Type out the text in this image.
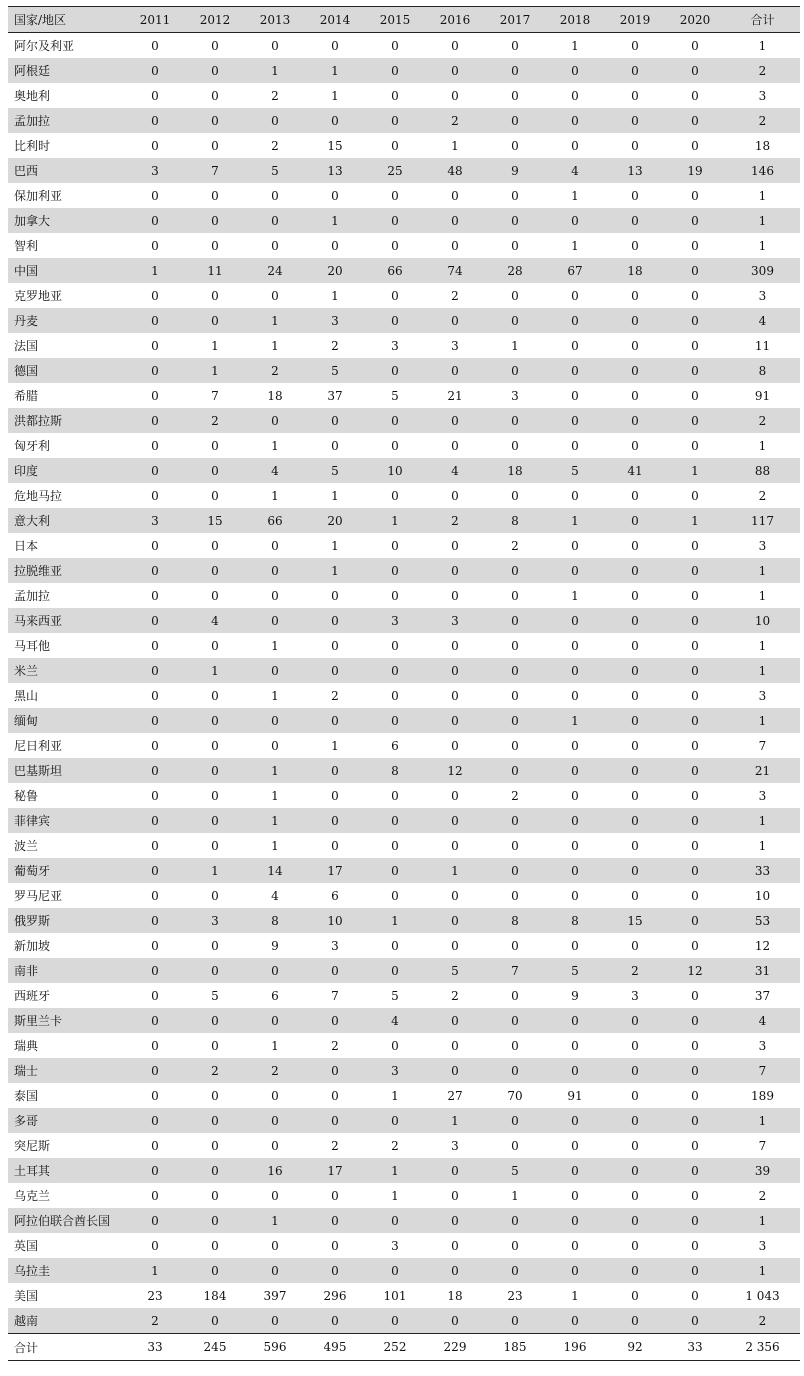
国家/地区	2011	2012	2013	2014	2015	2016	2017	2018	2019	2020	合计
阿尔及利亚	0	0	0	0	0	0	0	1	0	0	1
阿根廷	0	0	1	1	0	0	0	0	0	0	2
奥地利	0	0	2	1	0	0	0	0	0	0	3
孟加拉	0	0	0	0	0	2	0	0	0	0	2
比利时	0	0	2	15	0	1	0	0	0	0	18
巴西	3	7	5	13	25	48	9	4	13	19	146
保加利亚	0	0	0	0	0	0	0	1	0	0	1
加拿大	0	0	0	1	0	0	0	0	0	0	1
智利	0	0	0	0	0	0	0	1	0	0	1
中国	1	11	24	20	66	74	28	67	18	0	309
克罗地亚	0	0	0	1	0	2	0	0	0	0	3
丹麦	0	0	1	3	0	0	0	0	0	0	4
法国	0	1	1	2	3	3	1	0	0	0	11
德国	0	1	2	5	0	0	0	0	0	0	8
希腊	0	7	18	37	5	21	3	0	0	0	91
洪都拉斯	0	2	0	0	0	0	0	0	0	0	2
匈牙利	0	0	1	0	0	0	0	0	0	0	1
印度	0	0	4	5	10	4	18	5	41	1	88
危地马拉	0	0	1	1	0	0	0	0	0	0	2
意大利	3	15	66	20	1	2	8	1	0	1	117
日本	0	0	0	1	0	0	2	0	0	0	3
拉脱维亚	0	0	0	1	0	0	0	0	0	0	1
孟加拉	0	0	0	0	0	0	0	1	0	0	1
马来西亚	0	4	0	0	3	3	0	0	0	0	10
马耳他	0	0	1	0	0	0	0	0	0	0	1
米兰	0	1	0	0	0	0	0	0	0	0	1
黑山	0	0	1	2	0	0	0	0	0	0	3
缅甸	0	0	0	0	0	0	0	1	0	0	1
尼日利亚	0	0	0	1	6	0	0	0	0	0	7
巴基斯坦	0	0	1	0	8	12	0	0	0	0	21
秘鲁	0	0	1	0	0	0	2	0	0	0	3
菲律宾	0	0	1	0	0	0	0	0	0	0	1
波兰	0	0	1	0	0	0	0	0	0	0	1
葡萄牙	0	1	14	17	0	1	0	0	0	0	33
罗马尼亚	0	0	4	6	0	0	0	0	0	0	10
俄罗斯	0	3	8	10	1	0	8	8	15	0	53
新加坡	0	0	9	3	0	0	0	0	0	0	12
南非	0	0	0	0	0	5	7	5	2	12	31
西班牙	0	5	6	7	5	2	0	9	3	0	37
斯里兰卡	0	0	0	0	4	0	0	0	0	0	4
瑞典	0	0	1	2	0	0	0	0	0	0	3
瑞士	0	2	2	0	3	0	0	0	0	0	7
泰国	0	0	0	0	1	27	70	91	0	0	189
多哥	0	0	0	0	0	1	0	0	0	0	1
突尼斯	0	0	0	2	2	3	0	0	0	0	7
土耳其	0	0	16	17	1	0	5	0	0	0	39
乌克兰	0	0	0	0	1	0	1	0	0	0	2
阿拉伯联合酋长国	0	0	1	0	0	0	0	0	0	0	1
英国	0	0	0	0	3	0	0	0	0	0	3
乌拉圭	1	0	0	0	0	0	0	0	0	0	1
美国	23	184	397	296	101	18	23	1	0	0	1 043
越南	2	0	0	0	0	0	0	0	0	0	2
合计	33	245	596	495	252	229	185	196	92	33	2 356
